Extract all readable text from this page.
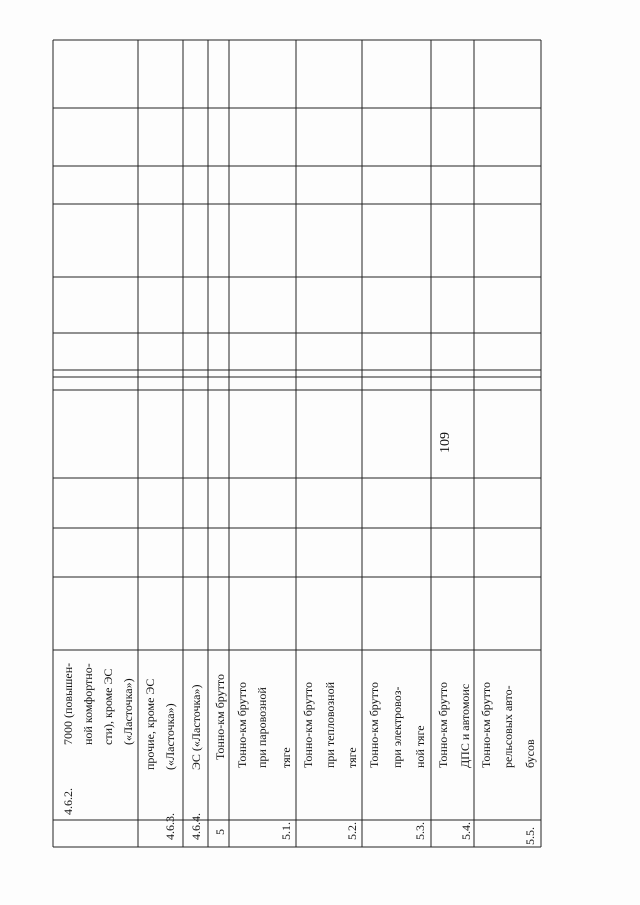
109
4.6.2.
7000 (повышен- ной комфортно- сти), кроме ЭС («Ласточка»)
4.6.3.
прочие, кроме ЭС («Ласточка»)
4.6.4.
ЭС («Ласточка»)
5
Тонно-км брутто
5.1.
Тонно-км брутто при паровозной тяге
5.2.
Тонно-км брутто при тепловозной тяге
5.3.
Тонно-км брутто при электровоз- ной тяге
5.4.
Тонно-км брутто ДПС и автомоис
5.5.
Тонно-км брутто рельсовых авто- бусов
